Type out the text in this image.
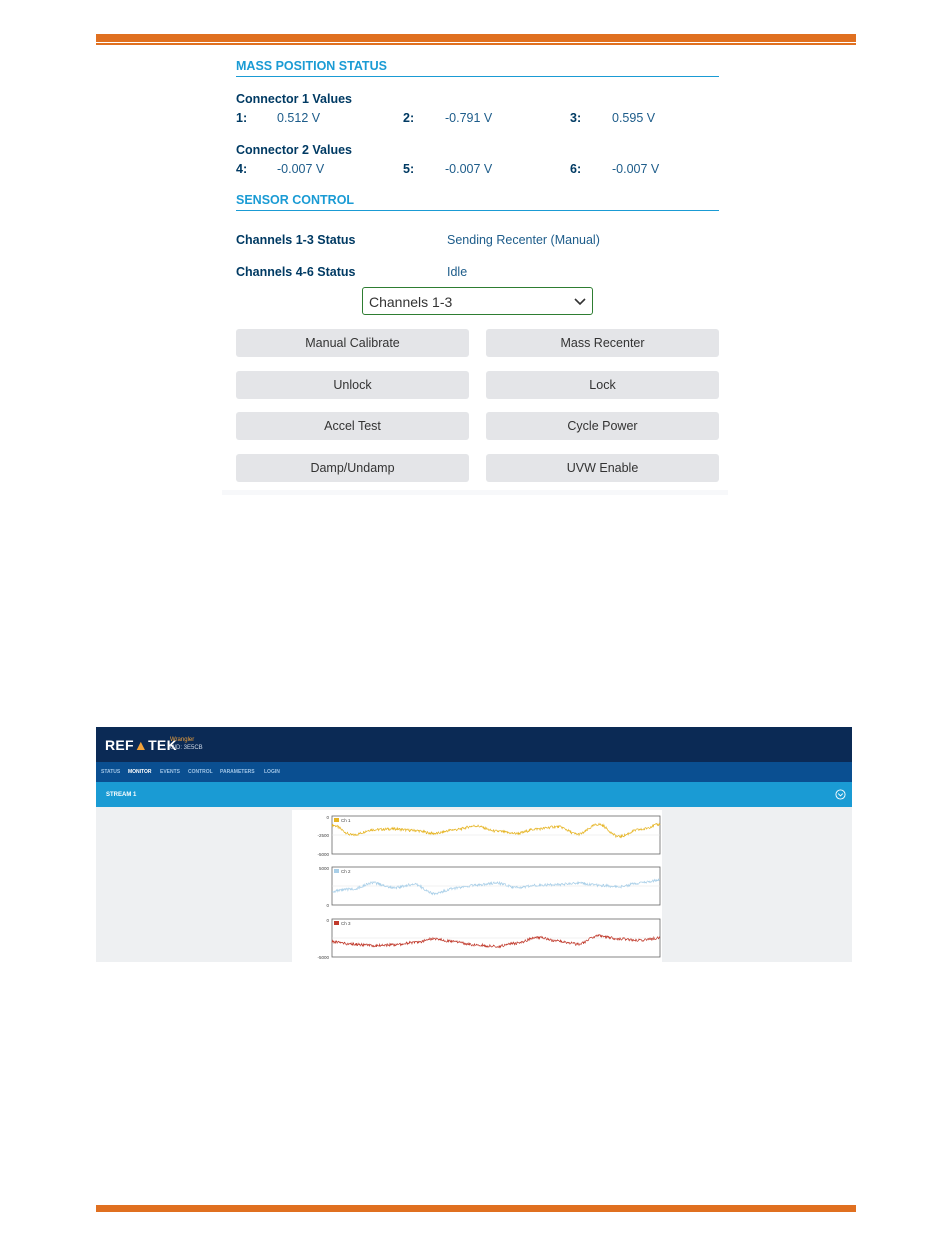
MASS POSITION STATUS
Connector 1 Values
1: 0.512 V	2: -0.791 V	3: 0.595 V
Connector 2 Values
4: -0.007 V	5: -0.007 V	6: -0.007 V
SENSOR CONTROL
Channels 1-3 Status	Sending Recenter (Manual)
Channels 4-6 Status	Idle
Channels 1-3
Manual Calibrate	Mass Recenter
Unlock	Lock
Accel Test	Cycle Power
Damp/Undamp	UVW Enable
REF▲TEK
Wrangler
UID: 3E5CB
STATUS MONITOR EVENTS CONTROL PARAMETERS LOGIN
STREAM 1
0
-2500
-5000
Ch 1
5000
0
Ch 2
0
-5000
Ch 3
